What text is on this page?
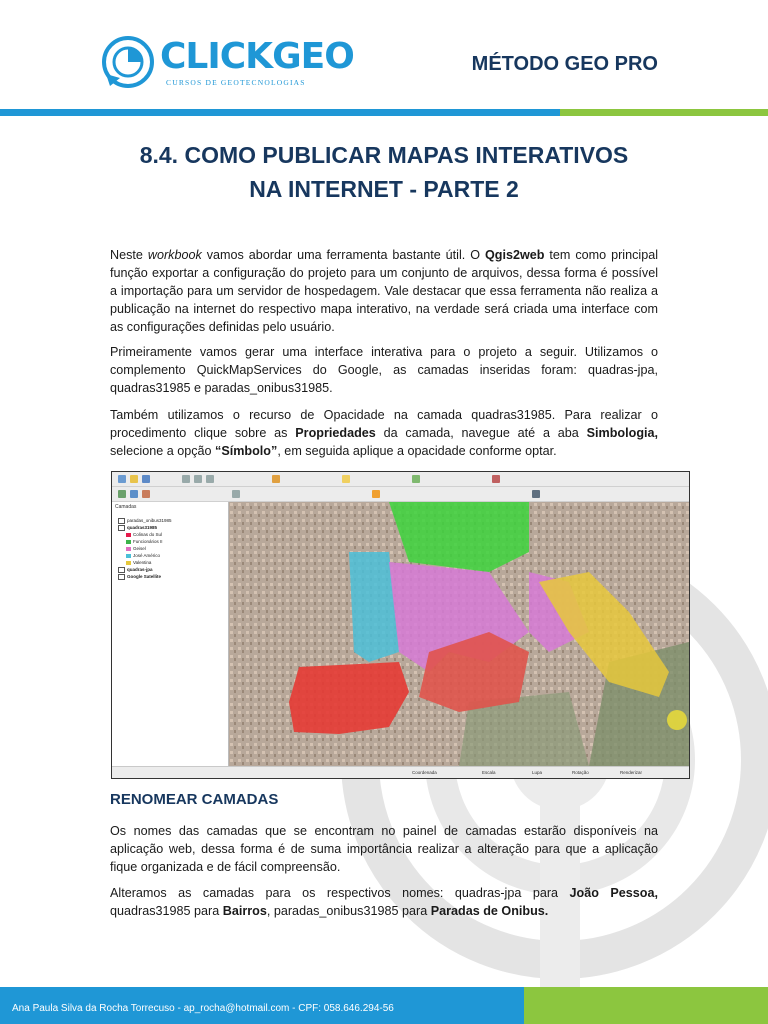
CLICKGEO
CURSOS DE GEOTECNOLOGIAS
MÉTODO GEO PRO
8.4. COMO PUBLICAR MAPAS INTERATIVOS
NA INTERNET - PARTE 2
Neste workbook vamos abordar uma ferramenta bastante útil. O Qgis2web tem como principal função exportar a configuração do projeto para um conjunto de arquivos, dessa forma é possível a importação para um servidor de hospedagem. Vale destacar que essa ferramenta não realiza a publicação na internet do respectivo mapa interativo, na verdade será criada uma interface com as configurações definidas pelo usuário.
Primeiramente vamos gerar uma interface interativa para o projeto a seguir. Utilizamos o complemento QuickMapServices do Google, as camadas inseridas foram: quadras-jpa, quadras31985 e paradas_onibus31985.
Também utilizamos o recurso de Opacidade na camada quadras31985. Para realizar o procedimento clique sobre as Propriedades da camada, navegue até a aba Simbologia, selecione a opção “Símbolo”, em seguida aplique a opacidade conforme optar.
Camadas
paradas_onibus31985
quadras31985
Colinas do Sul
Funcionários II
Geisel
José Américo
Valentina
quadras-jpa
Google Satellite
Coordenada	Escala	Lupa	Rotação	Renderizar
RENOMEAR CAMADAS
Os nomes das camadas que se encontram no painel de camadas estarão disponíveis na aplicação web, dessa forma é de suma importância realizar a alteração para que a aplicação fique organizada e de fácil compreensão.
Alteramos as camadas para os respectivos nomes: quadras-jpa para João Pessoa, quadras31985 para Bairros, paradas_onibus31985 para Paradas de Onibus.
Ana Paula Silva da Rocha Torrecuso - ap_rocha@hotmail.com - CPF: 058.646.294-56
